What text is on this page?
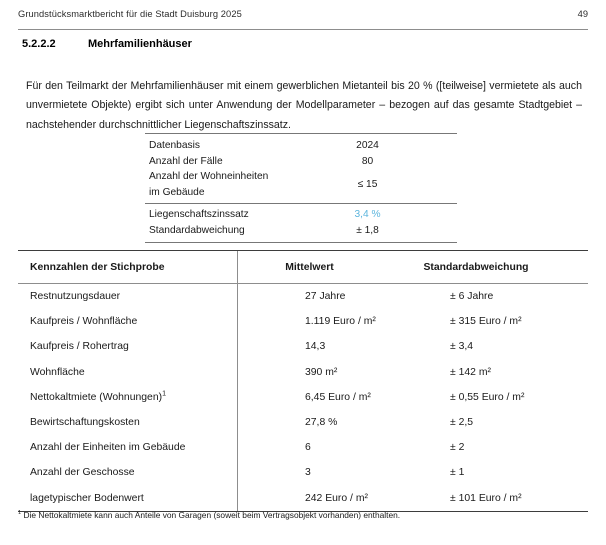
Grundstücksmarktbericht für die Stadt Duisburg 2025	49
5.2.2.2	Mehrfamilienhäuser

Für den Teilmarkt der Mehrfamilienhäuser mit einem gewerblichen Mietanteil bis 20 % ([teilweise] vermietete als auch unvermietete Objekte) ergibt sich unter Anwendung der Modellparameter – bezogen auf das gesamte Stadtgebiet – nachstehender durchschnittlicher Liegenschaftszinssatz.

Datenbasis	2024
Anzahl der Fälle	80
Anzahl der Wohneinheiten
im Gebäude
≤ 15
Liegenschaftszinssatz	3,4 %
Standardabweichung	± 1,8
Kennzahlen der Stichprobe	Mittelwert	Standardabweichung
Restnutzungsdauer	27 Jahre	± 6 Jahre
Kaufpreis / Wohnfläche	1.119 Euro / m²	± 315 Euro / m²
Kaufpreis / Rohertrag	14,3	± 3,4
Wohnfläche	390 m²	± 142 m²
Nettokaltmiete (Wohnungen)$^1$	6,45 Euro / m²	± 0,55 Euro / m²
Bewirtschaftungskosten	27,8 %	± 2,5
Anzahl der Einheiten im Gebäude	6	± 2
Anzahl der Geschosse	3	± 1
lagetypischer Bodenwert	242 Euro / m²	± 101 Euro / m²
$^1$ Die Nettokaltmiete kann auch Anteile von Garagen (soweit beim Vertragsobjekt vorhanden) enthalten.
